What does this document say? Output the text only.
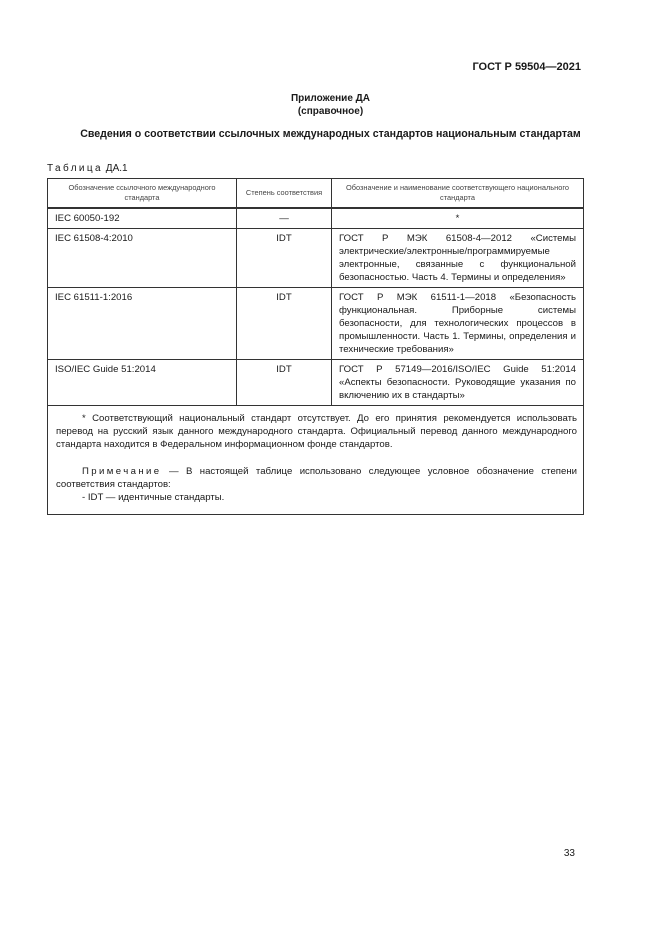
ГОСТ Р 59504—2021
Приложение ДА
(справочное)
Сведения о соответствии ссылочных международных стандартов национальным стандартам
Таблица ДА.1
Обозначение ссылочного международного стандарта	Степень соответствия	Обозначение и наименование соответствующего национального стандарта
IEC 60050-192	—	*
IEC 61508-4:2010	IDT	ГОСТ Р МЭК 61508-4—2012 «Системы электрические/электронные/программируемые электронные, связанные с функциональной безопасностью. Часть 4. Термины и определения»
IEC 61511-1:2016	IDT	ГОСТ Р МЭК 61511-1—2018 «Безопасность функциональная. Приборные системы безопасности, для технологических процессов в промышленности. Часть 1. Термины, определения и технические требования»
ISO/IEC Guide 51:2014	IDT	ГОСТ Р 57149—2016/ISO/IEC Guide 51:2014 «Аспекты безопасности. Руководящие указания по включению их в стандарты»

* Соответствующий национальный стандарт отсутствует. До его принятия рекомендуется использовать перевод на русский язык данного международного стандарта. Официальный перевод данного международного стандарта находится в Федеральном информационном фонде стандартов.

Примечание — В настоящей таблице использовано следующее условное обозначение степени соответствия стандартов:

- IDT — идентичные стандарты.		

33
